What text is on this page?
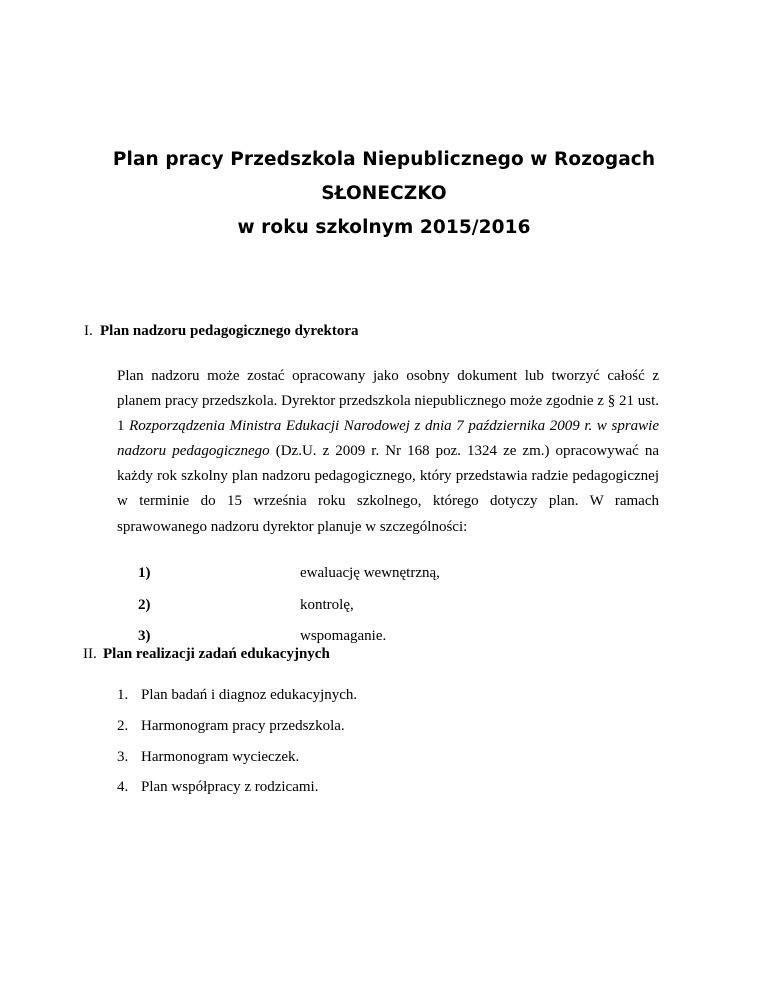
Plan pracy Przedszkola Niepublicznego w Rozogach
SŁONECZKO
w roku szkolnym 2015/2016
I. Plan nadzoru pedagogicznego dyrektora
Plan nadzoru może zostać opracowany jako osobny dokument lub tworzyć całość z planem pracy przedszkola. Dyrektor przedszkola niepublicznego może zgodnie z § 21 ust. 1 Rozporządzenia Ministra Edukacji Narodowej z dnia 7 października 2009 r. w sprawie nadzoru pedagogicznego (Dz.U. z 2009 r. Nr 168 poz. 1324 ze zm.) opracowywać na każdy rok szkolny plan nadzoru pedagogicznego, który przedstawia radzie pedagogicznej w terminie do 15 września roku szkolnego, którego dotyczy plan. W ramach sprawowanego nadzoru dyrektor planuje w szczególności:
1)	ewaluację wewnętrzną,
2)	kontrolę,
3)	wspomaganie.
II. Plan realizacji zadań edukacyjnych
1. Plan badań i diagnoz edukacyjnych.
2. Harmonogram pracy przedszkola.
3. Harmonogram wycieczek.
4. Plan współpracy z rodzicami.
